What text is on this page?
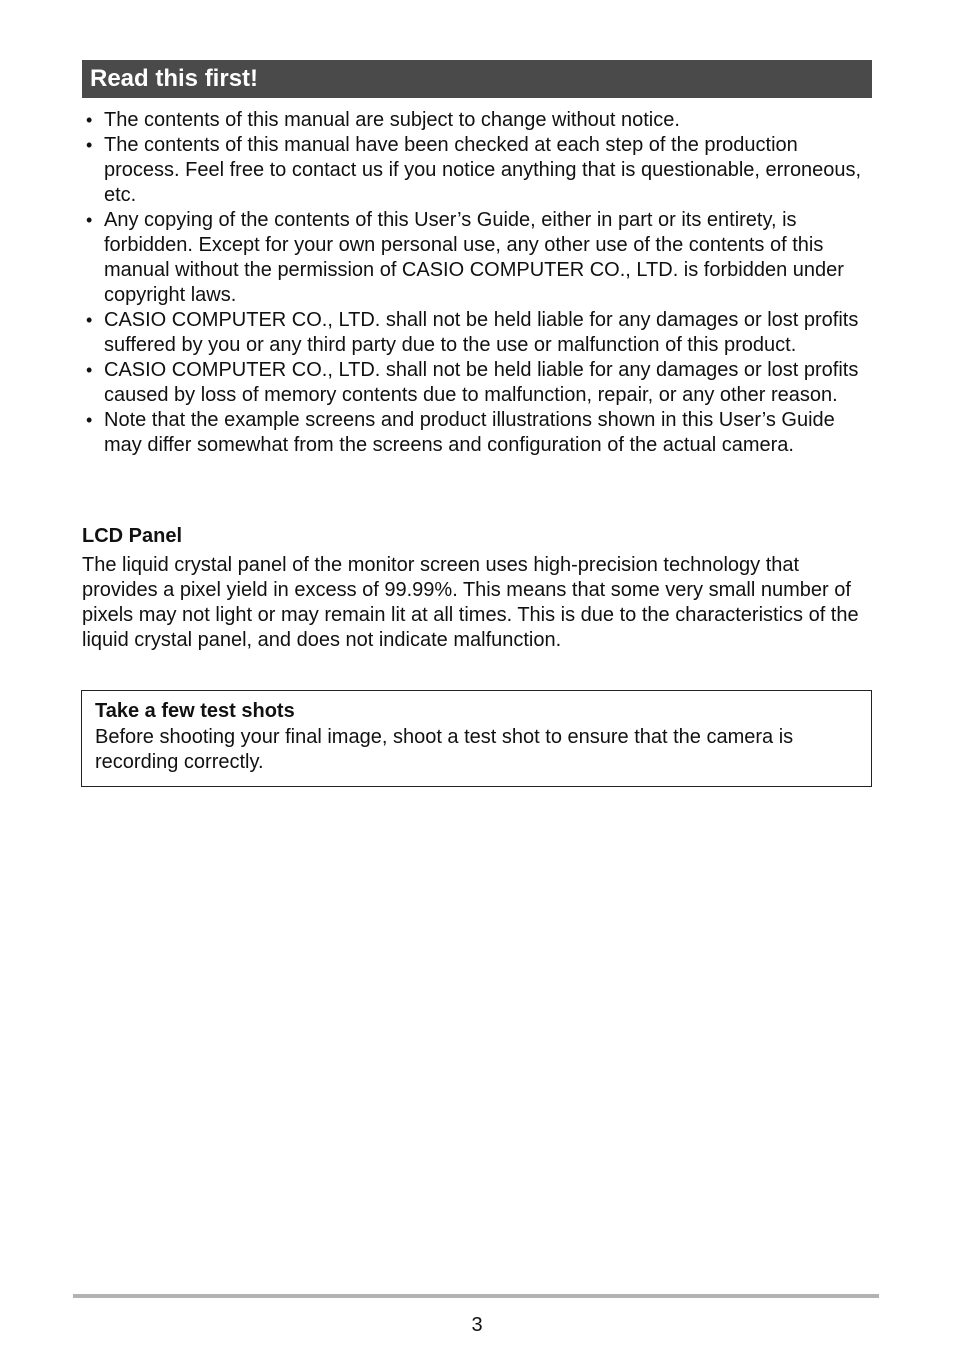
Read this first!
• The contents of this manual are subject to change without notice.
• The contents of this manual have been checked at each step of the production process. Feel free to contact us if you notice anything that is questionable, erroneous, etc.
• Any copying of the contents of this User’s Guide, either in part or its entirety, is forbidden. Except for your own personal use, any other use of the contents of this manual without the permission of CASIO COMPUTER CO., LTD. is forbidden under copyright laws.
• CASIO COMPUTER CO., LTD. shall not be held liable for any damages or lost profits suffered by you or any third party due to the use or malfunction of this product.
• CASIO COMPUTER CO., LTD. shall not be held liable for any damages or lost profits caused by loss of memory contents due to malfunction, repair, or any other reason.
• Note that the example screens and product illustrations shown in this User’s Guide may differ somewhat from the screens and configuration of the actual camera.
LCD Panel
The liquid crystal panel of the monitor screen uses high-precision technology that provides a pixel yield in excess of 99.99%. This means that some very small number of pixels may not light or may remain lit at all times. This is due to the characteristics of the liquid crystal panel, and does not indicate malfunction.
Take a few test shots
Before shooting your final image, shoot a test shot to ensure that the camera is recording correctly.
3
